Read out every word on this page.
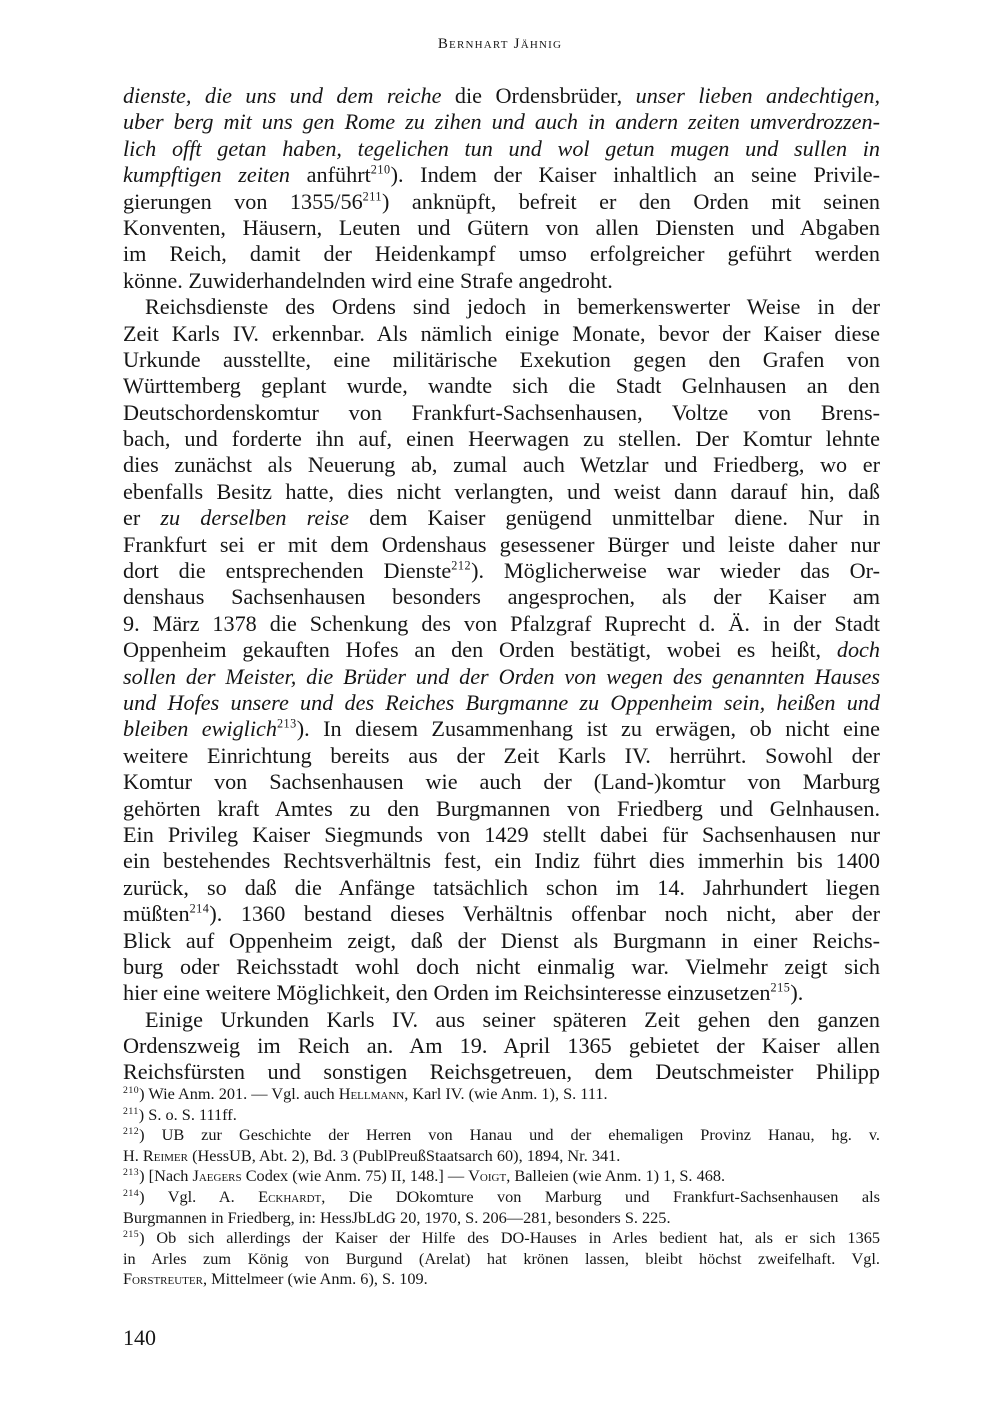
Bernhart Jähnig
dienste, die uns und dem reiche die Ordensbrüder, unser lieben andechtigen,
uber berg mit uns gen Rome zu zihen und auch in andern zeiten umverdrozzen-
lich offt getan haben, tegelichen tun und wol getun mugen und sullen in
kumpftigen zeiten anführt$^{210}$). Indem der Kaiser inhaltlich an seine Privile-
gierungen von $1355/56^{211}$) anknüpft, befreit er den Orden mit seinen
Konventen, Häusern, Leuten und Gütern von allen Diensten und Abgaben
im Reich, damit der Heidenkampf umso erfolgreicher geführt werden
könne. Zuwiderhandelnden wird eine Strafe angedroht.
Reichsdienste des Ordens sind jedoch in bemerkenswerter Weise in der
Zeit Karls IV. erkennbar. Als nämlich einige Monate, bevor der Kaiser diese
Urkunde ausstellte, eine militärische Exekution gegen den Grafen von
Württemberg geplant wurde, wandte sich die Stadt Gelnhausen an den
Deutschordenskomtur von Frankfurt-Sachsenhausen, Voltze von Brens-
bach, und forderte ihn auf, einen Heerwagen zu stellen. Der Komtur lehnte
dies zunächst als Neuerung ab, zumal auch Wetzlar und Friedberg, wo er
ebenfalls Besitz hatte, dies nicht verlangten, und weist dann darauf hin, daß
er zu derselben reise dem Kaiser genügend unmittelbar diene. Nur in
Frankfurt sei er mit dem Ordenshaus gesessener Bürger und leiste daher nur
dort die entsprechenden Dienste$^{212}$). Möglicherweise war wieder das Or-
denshaus Sachsenhausen besonders angesprochen, als der Kaiser am
9. März 1378 die Schenkung des von Pfalzgraf Ruprecht d. Ä. in der Stadt
Oppenheim gekauften Hofes an den Orden bestätigt, wobei es heißt, doch
sollen der Meister, die Brüder und der Orden von wegen des genannten Hauses
und Hofes unsere und des Reiches Burgmanne zu Oppenheim sein, heißen und
bleiben ewiglich$^{213}$). In diesem Zusammenhang ist zu erwägen, ob nicht eine
weitere Einrichtung bereits aus der Zeit Karls IV. herrührt. Sowohl der
Komtur von Sachsenhausen wie auch der (Land-)komtur von Marburg
gehörten kraft Amtes zu den Burgmannen von Friedberg und Gelnhausen.
Ein Privileg Kaiser Siegmunds von 1429 stellt dabei für Sachsenhausen nur
ein bestehendes Rechtsverhältnis fest, ein Indiz führt dies immerhin bis 1400
zurück, so daß die Anfänge tatsächlich schon im 14. Jahrhundert liegen
müßten$^{214}$). 1360 bestand dieses Verhältnis offenbar noch nicht, aber der
Blick auf Oppenheim zeigt, daß der Dienst als Burgmann in einer Reichs-
burg oder Reichsstadt wohl doch nicht einmalig war. Vielmehr zeigt sich
hier eine weitere Möglichkeit, den Orden im Reichsinteresse einzusetzen$^{215}$).
Einige Urkunden Karls IV. aus seiner späteren Zeit gehen den ganzen
Ordenszweig im Reich an. Am 19. April 1365 gebietet der Kaiser allen
Reichsfürsten und sonstigen Reichsgetreuen, dem Deutschmeister Philipp
$^{210}$) Wie Anm. 201. — Vgl. auch Hellmann, Karl IV. (wie Anm. 1), S. 111.
$^{211}$) S. o. S. 111ff.
$^{212}$) UB zur Geschichte der Herren von Hanau und der ehemaligen Provinz Hanau, hg. v.
H. Reimer (HessUB, Abt. 2), Bd. 3 (PublPreußStaatsarch 60), 1894, Nr. 341.
$^{213}$) [Nach Jaegers Codex (wie Anm. 75) II, 148.] — Voigt, Balleien (wie Anm. 1) 1, S. 468.
$^{214}$) Vgl. A. Eckhardt, Die DOkomture von Marburg und Frankfurt-Sachsenhausen als
Burgmannen in Friedberg, in: HessJbLdG 20, 1970, S. 206—281, besonders S. 225.
$^{215}$) Ob sich allerdings der Kaiser der Hilfe des DO-Hauses in Arles bedient hat, als er sich 1365
in Arles zum König von Burgund (Arelat) hat krönen lassen, bleibt höchst zweifelhaft. Vgl.
Forstreuter, Mittelmeer (wie Anm. 6), S. 109.
140
